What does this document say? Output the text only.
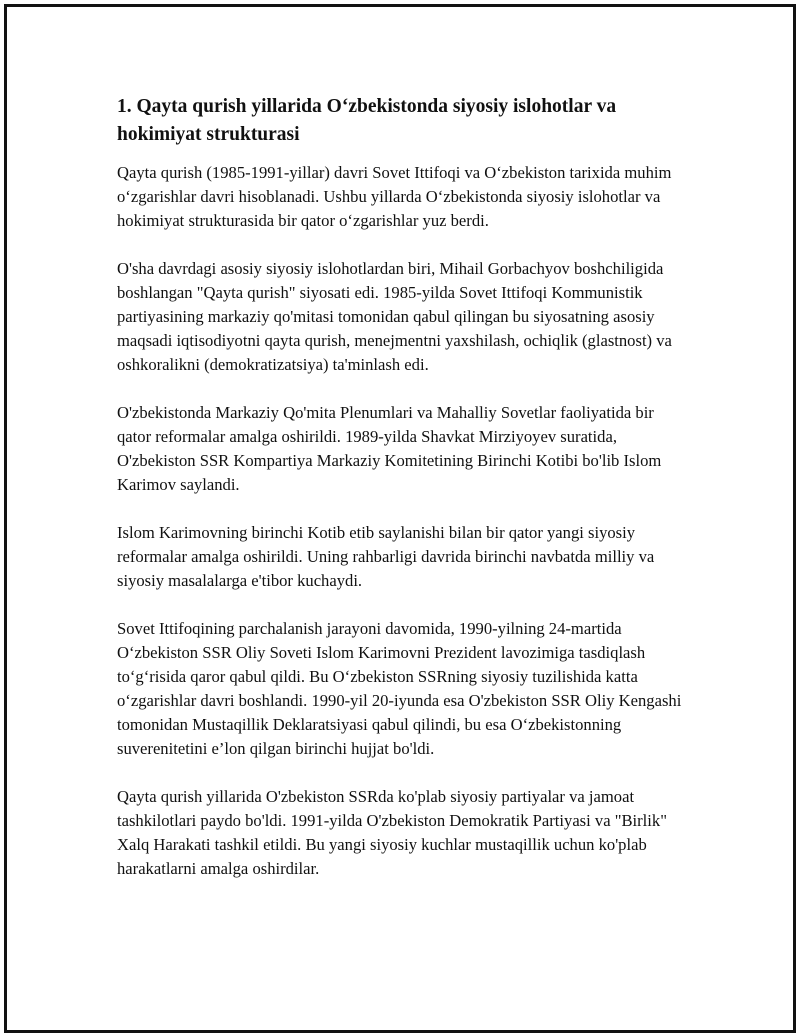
1. Qayta qurish yillarida O‘zbekistonda siyosiy islohotlar va hokimiyat strukturasi

Qayta qurish (1985-1991-yillar) davri Sovet Ittifoqi va O‘zbekiston tarixida muhim o‘zgarishlar davri hisoblanadi. Ushbu yillarda O‘zbekistonda siyosiy islohotlar va hokimiyat strukturasida bir qator o‘zgarishlar yuz berdi.

O'sha davrdagi asosiy siyosiy islohotlardan biri, Mihail Gorbachyov boshchiligida boshlangan "Qayta qurish" siyosati edi. 1985-yilda Sovet Ittifoqi Kommunistik partiyasining markaziy qo'mitasi tomonidan qabul qilingan bu siyosatning asosiy maqsadi iqtisodiyotni qayta qurish, menejmentni yaxshilash, ochiqlik (glastnost) va oshkoralikni (demokratizatsiya) ta'minlash edi.

O'zbekistonda Markaziy Qo'mita Plenumlari va Mahalliy Sovetlar faoliyatida bir qator reformalar amalga oshirildi. 1989-yilda Shavkat Mirziyoyev suratida, O'zbekiston SSR Kompartiya Markaziy Komitetining Birinchi Kotibi bo'lib Islom Karimov saylandi.

Islom Karimovning birinchi Kotib etib saylanishi bilan bir qator yangi siyosiy reformalar amalga oshirildi. Uning rahbarligi davrida birinchi navbatda milliy va siyosiy masalalarga e'tibor kuchaydi.

Sovet Ittifoqining parchalanish jarayoni davomida, 1990-yilning 24-martida O‘zbekiston SSR Oliy Soveti Islom Karimovni Prezident lavozimiga tasdiqlash to‘g‘risida qaror qabul qildi. Bu O‘zbekiston SSRning siyosiy tuzilishida katta o‘zgarishlar davri boshlandi. 1990-yil 20-iyunda esa O'zbekiston SSR Oliy Kengashi tomonidan Mustaqillik Deklaratsiyasi qabul qilindi, bu esa O‘zbekistonning suverenitetini e’lon qilgan birinchi hujjat bo'ldi.

Qayta qurish yillarida O'zbekiston SSRda ko'plab siyosiy partiyalar va jamoat tashkilotlari paydo bo'ldi. 1991-yilda O'zbekiston Demokratik Partiyasi va "Birlik" Xalq Harakati tashkil etildi. Bu yangi siyosiy kuchlar mustaqillik uchun ko'plab harakatlarni amalga oshirdilar.
